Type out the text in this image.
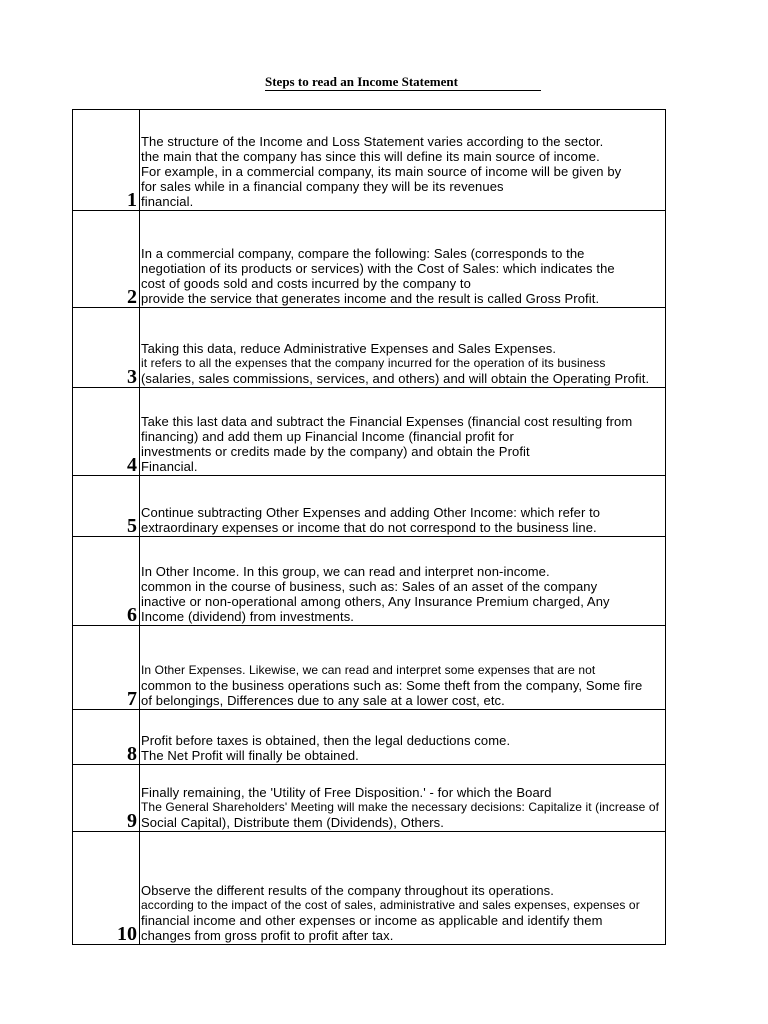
Steps to read an Income Statement
1
The structure of the Income and Loss Statement varies according to the sector.
the main that the company has since this will define its main source of income.
For example, in a commercial company, its main source of income will be given by
for sales while in a financial company they will be its revenues
financial.
2
In a commercial company, compare the following: Sales (corresponds to the
negotiation of its products or services) with the Cost of Sales: which indicates the
cost of goods sold and costs incurred by the company to
provide the service that generates income and the result is called Gross Profit.
3
Taking this data, reduce Administrative Expenses and Sales Expenses.
it refers to all the expenses that the company incurred for the operation of its business
(salaries, sales commissions, services, and others) and will obtain the Operating Profit.
4
Take this last data and subtract the Financial Expenses (financial cost resulting from
financing) and add them up Financial Income (financial profit for
investments or credits made by the company) and obtain the Profit
Financial.
5
Continue subtracting Other Expenses and adding Other Income: which refer to
extraordinary expenses or income that do not correspond to the business line.
6
In Other Income. In this group, we can read and interpret non-income.
common in the course of business, such as: Sales of an asset of the company
inactive or non-operational among others, Any Insurance Premium charged, Any
Income (dividend) from investments.
7
In Other Expenses. Likewise, we can read and interpret some expenses that are not
common to the business operations such as: Some theft from the company, Some fire
of belongings, Differences due to any sale at a lower cost, etc.
8
Profit before taxes is obtained, then the legal deductions come.
The Net Profit will finally be obtained.
9
Finally remaining, the 'Utility of Free Disposition.' - for which the Board
The General Shareholders' Meeting will make the necessary decisions: Capitalize it (increase of
Social Capital), Distribute them (Dividends), Others.
10
Observe the different results of the company throughout its operations.
according to the impact of the cost of sales, administrative and sales expenses, expenses or
financial income and other expenses or income as applicable and identify them
changes from gross profit to profit after tax.
